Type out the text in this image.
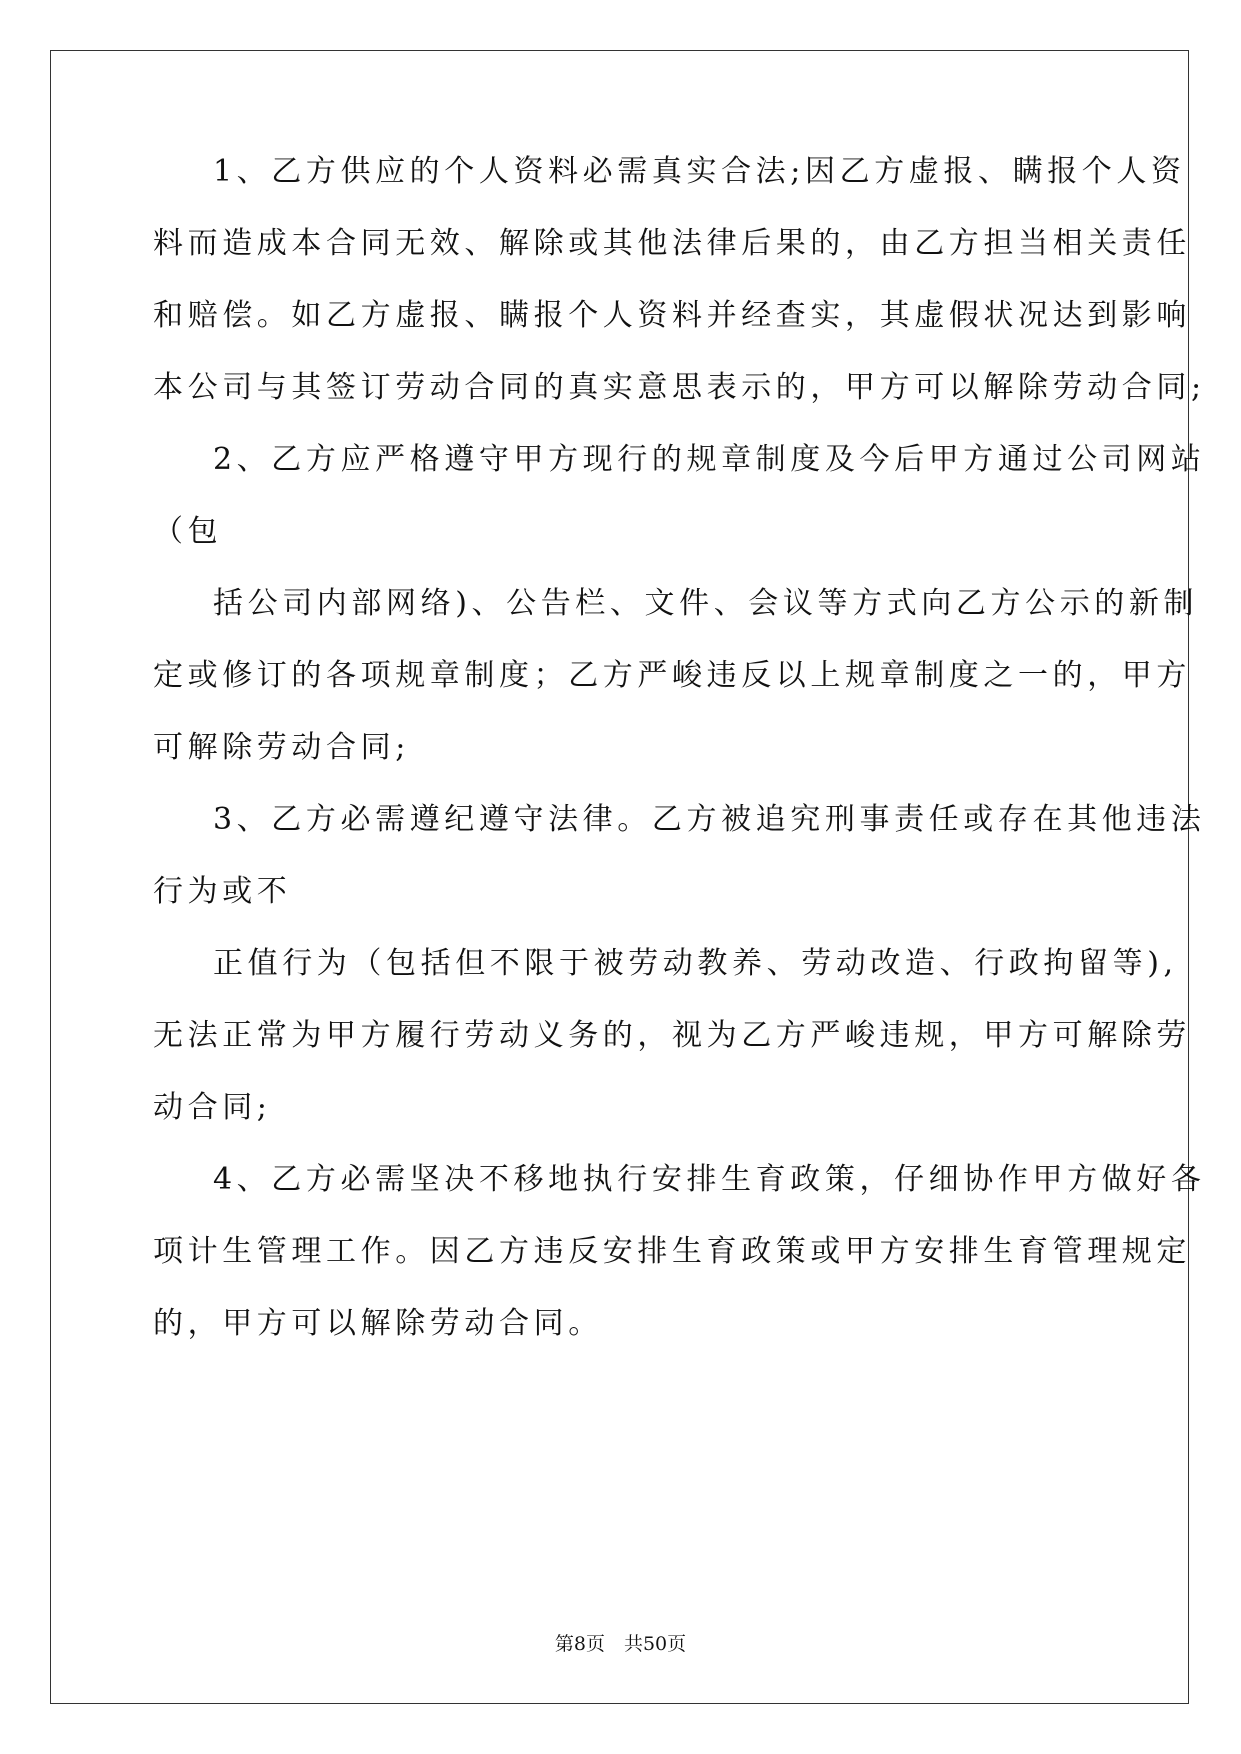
1、乙方供应的个人资料必需真实合法;因乙方虚报、瞒报个人资
料而造成本合同无效、解除或其他法律后果的，由乙方担当相关责任
和赔偿。如乙方虚报、瞒报个人资料并经查实，其虚假状况达到影响
本公司与其签订劳动合同的真实意思表示的，甲方可以解除劳动合同;
2、乙方应严格遵守甲方现行的规章制度及今后甲方通过公司网站
（包
括公司内部网络)、公告栏、文件、会议等方式向乙方公示的新制
定或修订的各项规章制度；乙方严峻违反以上规章制度之一的，甲方
可解除劳动合同;
3、乙方必需遵纪遵守法律。乙方被追究刑事责任或存在其他违法
行为或不
正值行为（包括但不限于被劳动教养、劳动改造、行政拘留等),
无法正常为甲方履行劳动义务的，视为乙方严峻违规，甲方可解除劳
动合同;
4、乙方必需坚决不移地执行安排生育政策，仔细协作甲方做好各
项计生管理工作。因乙方违反安排生育政策或甲方安排生育管理规定
的，甲方可以解除劳动合同。
第8页　共50页
